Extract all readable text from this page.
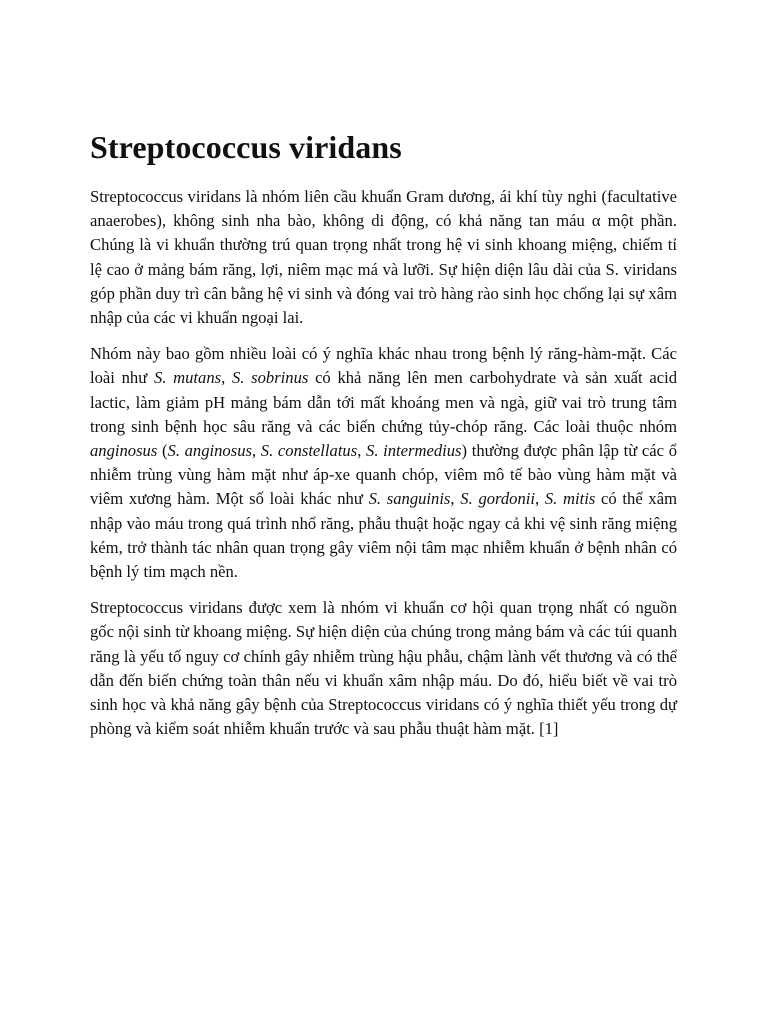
Streptococcus viridans

Streptococcus viridans là nhóm liên cầu khuẩn Gram dương, ái khí tùy nghi (facultative anaerobes), không sinh nha bào, không di động, có khả năng tan máu α một phần. Chúng là vi khuẩn thường trú quan trọng nhất trong hệ vi sinh khoang miệng, chiếm tỉ lệ cao ở mảng bám răng, lợi, niêm mạc má và lưỡi. Sự hiện diện lâu dài của S. viridans góp phần duy trì cân bằng hệ vi sinh và đóng vai trò hàng rào sinh học chống lại sự xâm nhập của các vi khuẩn ngoại lai.

Nhóm này bao gồm nhiều loài có ý nghĩa khác nhau trong bệnh lý răng-hàm-mặt. Các loài như S. mutans, S. sobrinus có khả năng lên men carbohydrate và sản xuất acid lactic, làm giảm pH mảng bám dẫn tới mất khoáng men và ngà, giữ vai trò trung tâm trong sinh bệnh học sâu răng và các biến chứng tủy-chóp răng. Các loài thuộc nhóm anginosus (S. anginosus, S. constellatus, S. intermedius) thường được phân lập từ các ổ nhiễm trùng vùng hàm mặt như áp-xe quanh chóp, viêm mô tế bào vùng hàm mặt và viêm xương hàm. Một số loài khác như S. sanguinis, S. gordonii, S. mitis có thể xâm nhập vào máu trong quá trình nhổ răng, phẫu thuật hoặc ngay cả khi vệ sinh răng miệng kém, trở thành tác nhân quan trọng gây viêm nội tâm mạc nhiễm khuẩn ở bệnh nhân có bệnh lý tim mạch nền.

Streptococcus viridans được xem là nhóm vi khuẩn cơ hội quan trọng nhất có nguồn gốc nội sinh từ khoang miệng. Sự hiện diện của chúng trong mảng bám và các túi quanh răng là yếu tố nguy cơ chính gây nhiễm trùng hậu phẫu, chậm lành vết thương và có thể dẫn đến biến chứng toàn thân nếu vi khuẩn xâm nhập máu. Do đó, hiểu biết về vai trò sinh học và khả năng gây bệnh của Streptococcus viridans có ý nghĩa thiết yếu trong dự phòng và kiểm soát nhiễm khuẩn trước và sau phẫu thuật hàm mặt. [1]
